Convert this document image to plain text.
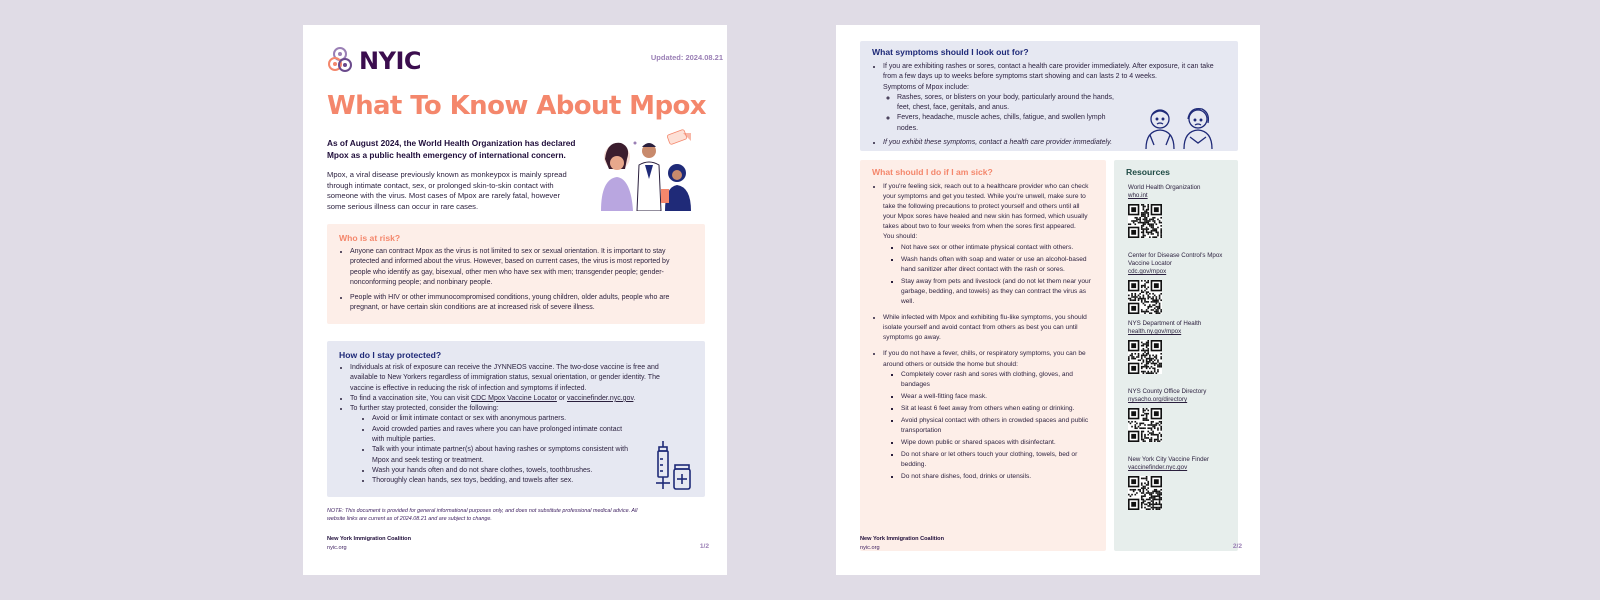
NYIC	Updated: 2024.08.21
What To Know About Mpox
As of August 2024, the World Health Organization has declared Mpox as a public health emergency of international concern.
Mpox, a viral disease previously known as monkeypox is mainly spread through intimate contact, sex, or prolonged skin-to-skin contact with someone with the virus. Most cases of Mpox are rarely fatal, however some serious illness can occur in rare cases.
Who is at risk?
• Anyone can contract Mpox as the virus is not limited to sex or sexual orientation. It is important to stay protected and informed about the virus. However, based on current cases, the virus is most reported by people who identify as gay, bisexual, other men who have sex with men; transgender people; gender-nonconforming people; and nonbinary people.
• People with HIV or other immunocompromised conditions, young children, older adults, people who are pregnant, or have certain skin conditions are at increased risk of severe illness.
How do I stay protected?
• Individuals at risk of exposure can receive the JYNNEOS vaccine. The two-dose vaccine is free and available to New Yorkers regardless of immigration status, sexual orientation, or gender identity. The vaccine is effective in reducing the risk of infection and symptoms if infected.
• To find a vaccination site, You can visit CDC Mpox Vaccine Locator or vaccinefinder.nyc.gov.
• To further stay protected, consider the following:
• Avoid or limit intimate contact or sex with anonymous partners.
• Avoid crowded parties and raves where you can have prolonged intimate contact with multiple parties.
• Talk with your intimate partner(s) about having rashes or symptoms consistent with Mpox and seek testing or treatment.
• Wash your hands often and do not share clothes, towels, toothbrushes.
• Thoroughly clean hands, sex toys, bedding, and towels after sex.
NOTE: This document is provided for general informational purposes only, and does not substitute professional medical advice. All website links are current as of 2024.08.21 and are subject to change.
New York Immigration Coalition
nyic.org	1/2
What symptoms should I look out for?
• If you are exhibiting rashes or sores, contact a health care provider immediately. After exposure, it can take from a few days up to weeks before symptoms start showing and can lasts 2 to 4 weeks.
Symptoms of Mpox include:
◦ Rashes, sores, or blisters on your body, particularly around the hands, feet, chest, face, genitals, and anus.
◦ Fevers, headache, muscle aches, chills, fatigue, and swollen lymph nodes.
• If you exhibit these symptoms, contact a health care provider immediately.
What should I do if I am sick?
• If you're feeling sick, reach out to a healthcare provider who can check your symptoms and get you tested. While you're unwell, make sure to take the following precautions to protect yourself and others until all your Mpox sores have healed and new skin has formed, which usually takes about two to four weeks from when the sores first appeared.
You should:
▪ Not have sex or other intimate physical contact with others.
▪ Wash hands often with soap and water or use an alcohol-based hand sanitizer after direct contact with the rash or sores.
▪ Stay away from pets and livestock (and do not let them near your garbage, bedding, and towels) as they can contract the virus as well.
• While infected with Mpox and exhibiting flu-like symptoms, you should isolate yourself and avoid contact from others as best you can until symptoms go away.
• If you do not have a fever, chills, or respiratory symptoms, you can be around others or outside the home but should:
▪ Completely cover rash and sores with clothing, gloves, and bandages
▪ Wear a well-fitting face mask.
▪ Sit at least 6 feet away from others when eating or drinking.
▪ Avoid physical contact with others in crowded spaces and public transportation
▪ Wipe down public or shared spaces with disinfectant.
▪ Do not share or let others touch your clothing, towels, bed or bedding.
▪ Do not share dishes, food, drinks or utensils.
Resources
World Health Organization
who.int
Center for Disease Control's Mpox Vaccine Locator
cdc.gov/mpox
NYS Department of Health
health.ny.gov/mpox
NYS County Office Directory
nysacho.org/directory
New York City Vaccine Finder
vaccinefinder.nyc.gov
New York Immigration Coalition
nyic.org	2/2
